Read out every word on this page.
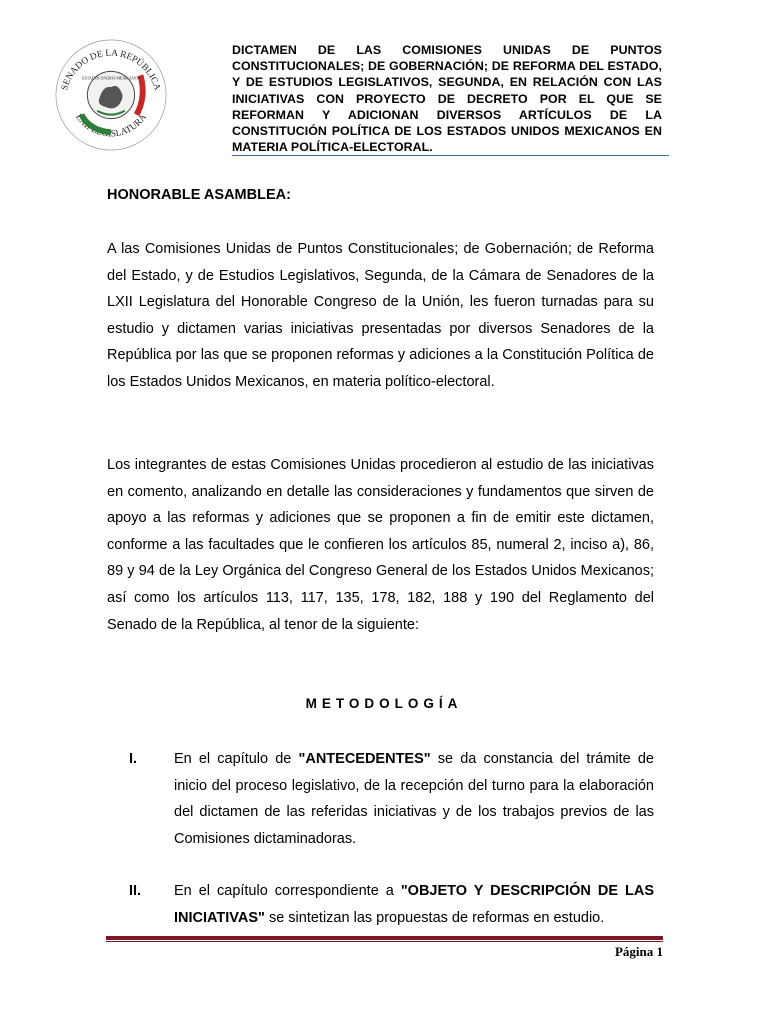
SENADO DE LA REPÚBLICA
LXII LEGISLATURA
ESTADOS UNIDOS MEXICANOS
DICTAMEN DE LAS COMISIONES UNIDAS DE PUNTOS CONSTITUCIONALES; DE GOBERNACIÓN; DE REFORMA DEL ESTADO, Y DE ESTUDIOS LEGISLATIVOS, SEGUNDA, EN RELACIÓN CON LAS INICIATIVAS CON PROYECTO DE DECRETO POR EL QUE SE REFORMAN Y ADICIONAN DIVERSOS ARTÍCULOS DE LA CONSTITUCIÓN POLÍTICA DE LOS ESTADOS UNIDOS MEXICANOS EN MATERIA POLÍTICA-ELECTORAL.
HONORABLE ASAMBLEA:

A las Comisiones Unidas de Puntos Constitucionales; de Gobernación; de Reforma del Estado, y de Estudios Legislativos, Segunda, de la Cámara de Senadores de la LXII Legislatura del Honorable Congreso de la Unión, les fueron turnadas para su estudio y dictamen varias iniciativas presentadas por diversos Senadores de la República por las que se proponen reformas y adiciones a la Constitución Política de los Estados Unidos Mexicanos, en materia político-electoral.

Los integrantes de estas Comisiones Unidas procedieron al estudio de las iniciativas en comento, analizando en detalle las consideraciones y fundamentos que sirven de apoyo a las reformas y adiciones que se proponen a fin de emitir este dictamen, conforme a las facultades que le confieren los artículos 85, numeral 2, inciso a), 86, 89 y 94 de la Ley Orgánica del Congreso General de los Estados Unidos Mexicanos; así como los artículos 113, 117, 135, 178, 182, 188 y 190 del Reglamento del Senado de la República, al tenor de la siguiente:

METODOLOGÍA
I.	En el capítulo de "ANTECEDENTES" se da constancia del trámite de inicio del proceso legislativo, de la recepción del turno para la elaboración del dictamen de las referidas iniciativas y de los trabajos previos de las Comisiones dictaminadoras.

II. En el capítulo correspondiente a "OBJETO Y DESCRIPCIÓN DE LAS INICIATIVAS" se sintetizan las propuestas de reformas en estudio.

Página 1
